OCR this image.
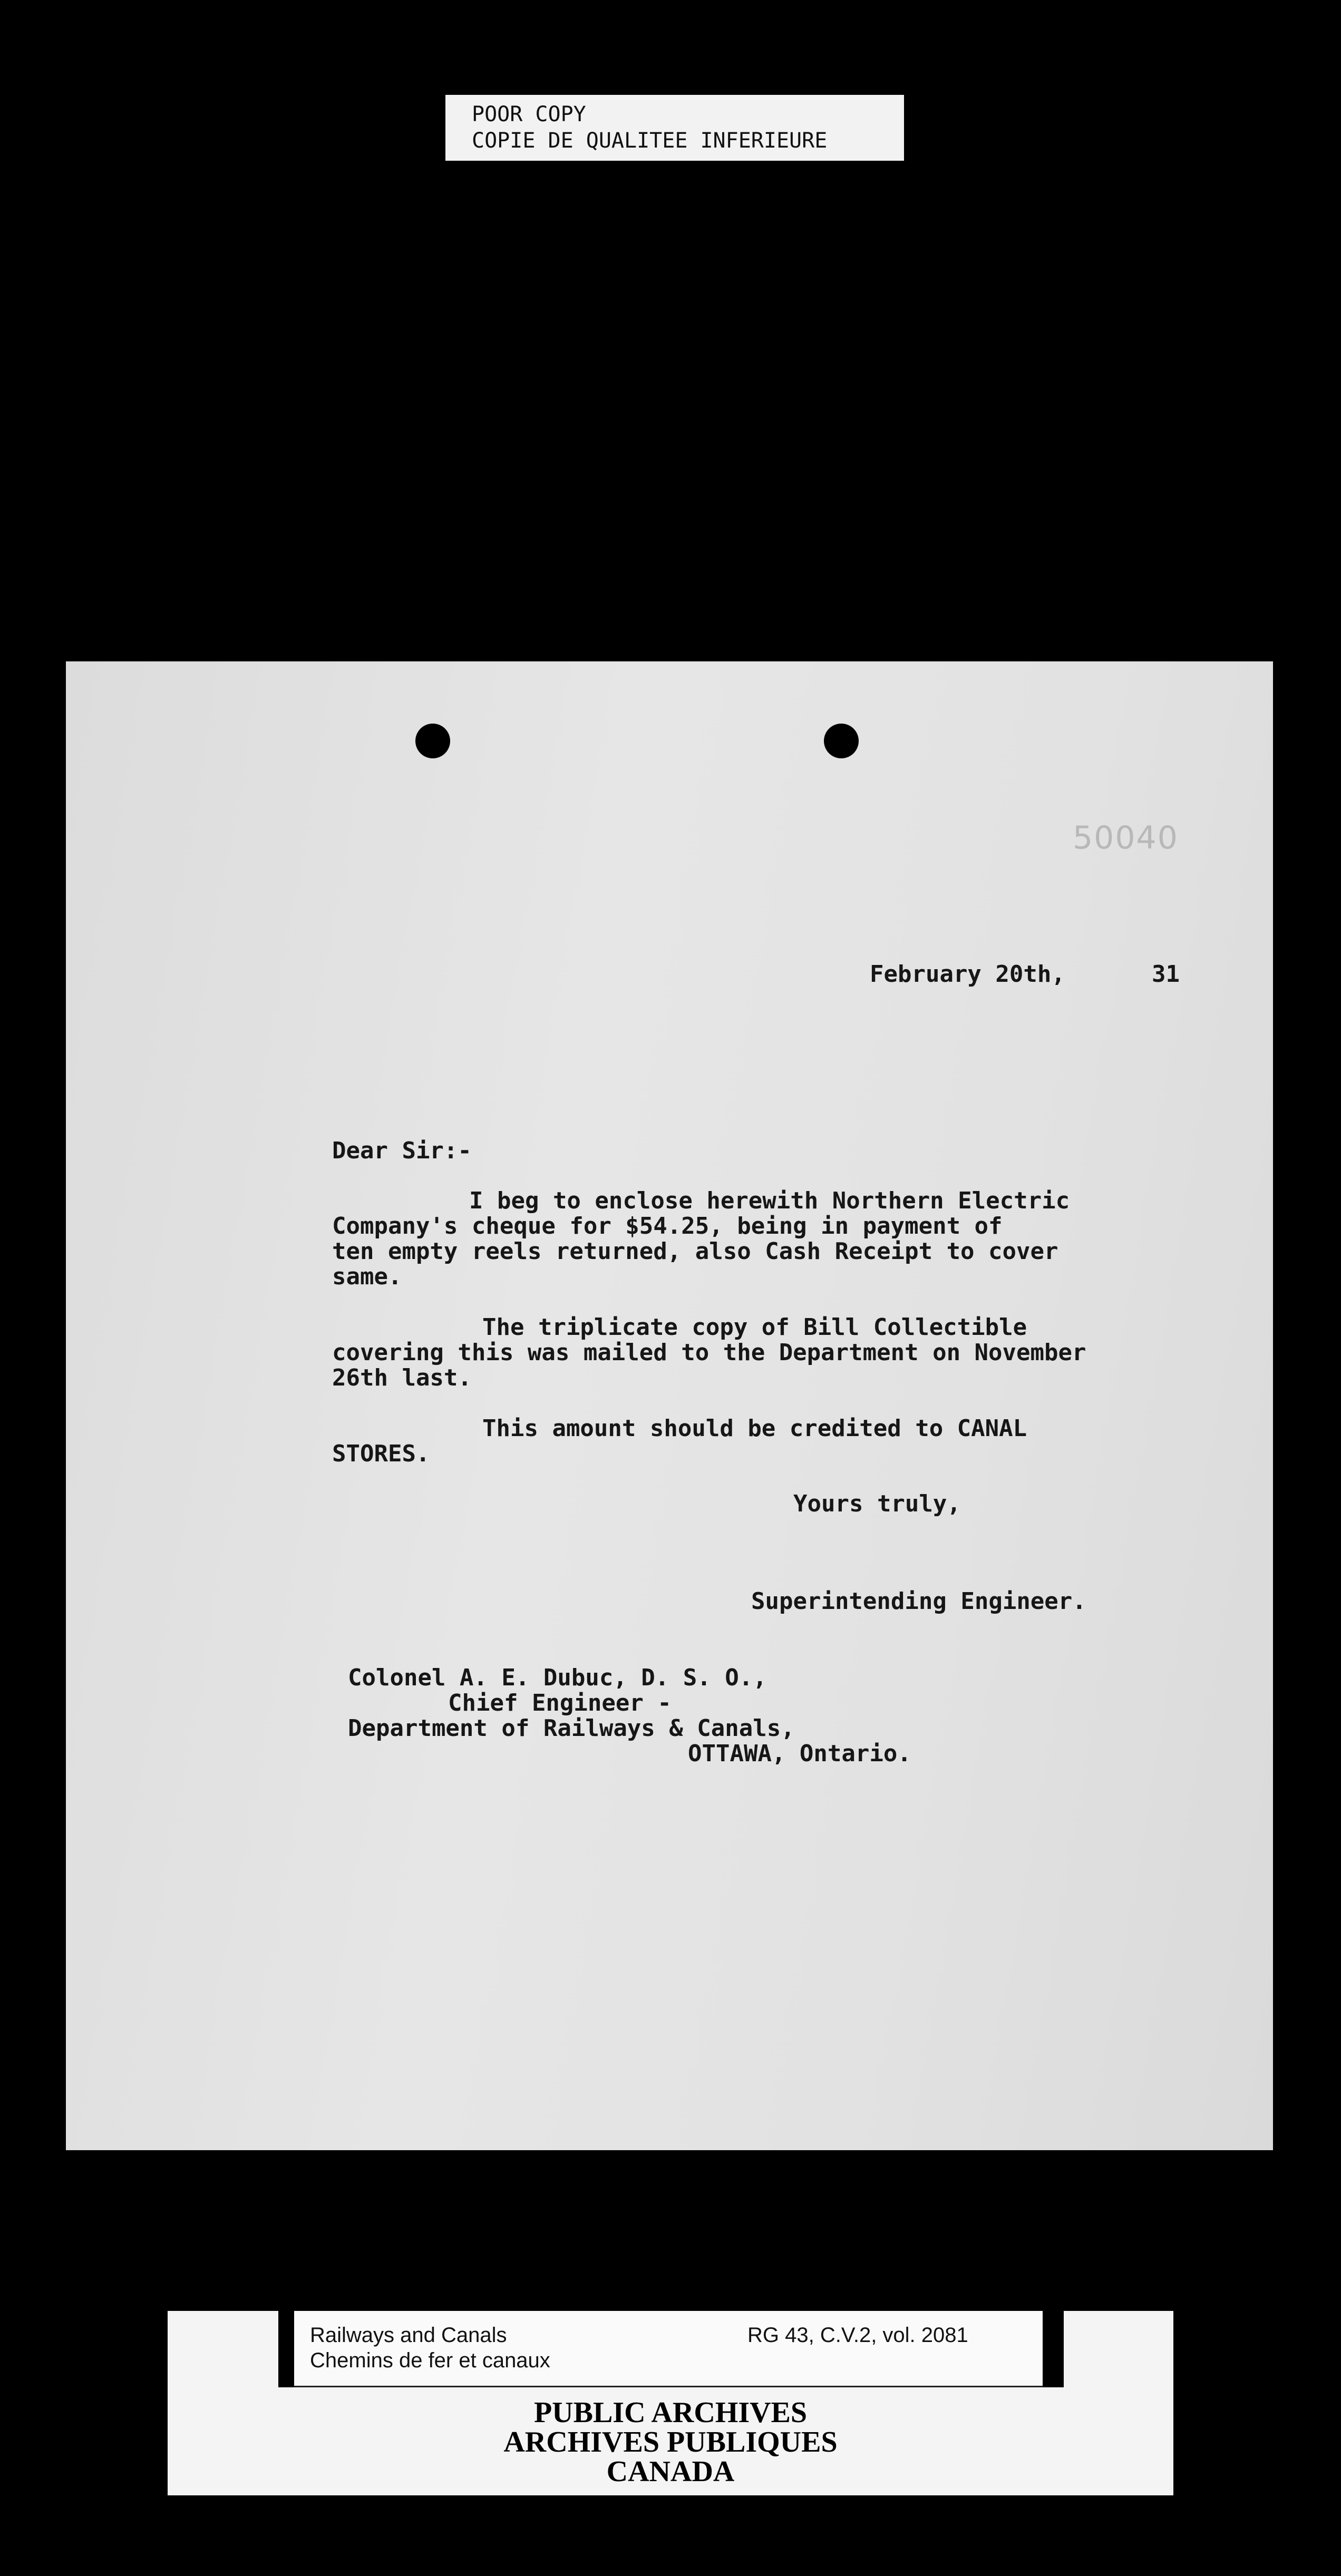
POOR COPY
COPIE DE QUALITEE INFERIEURE
50040
February 20th,	31
Dear Sir:-
I beg to enclose herewith Northern Electric
Company's cheque for $54.25, being in payment of
ten empty reels returned, also Cash Receipt to cover
same.
The triplicate copy of Bill Collectible
covering this was mailed to the Department on November
26th last.
This amount should be credited to CANAL
STORES.
Yours truly,
Superintending Engineer.
Colonel A. E. Dubuc, D. S. O.,
Chief Engineer -
Department of Railways & Canals,
OTTAWA, Ontario.
Railways and Canals
Chemins de fer et canaux
RG 43, C.V.2, vol. 2081
PUBLIC ARCHIVES
ARCHIVES PUBLIQUES
CANADA
